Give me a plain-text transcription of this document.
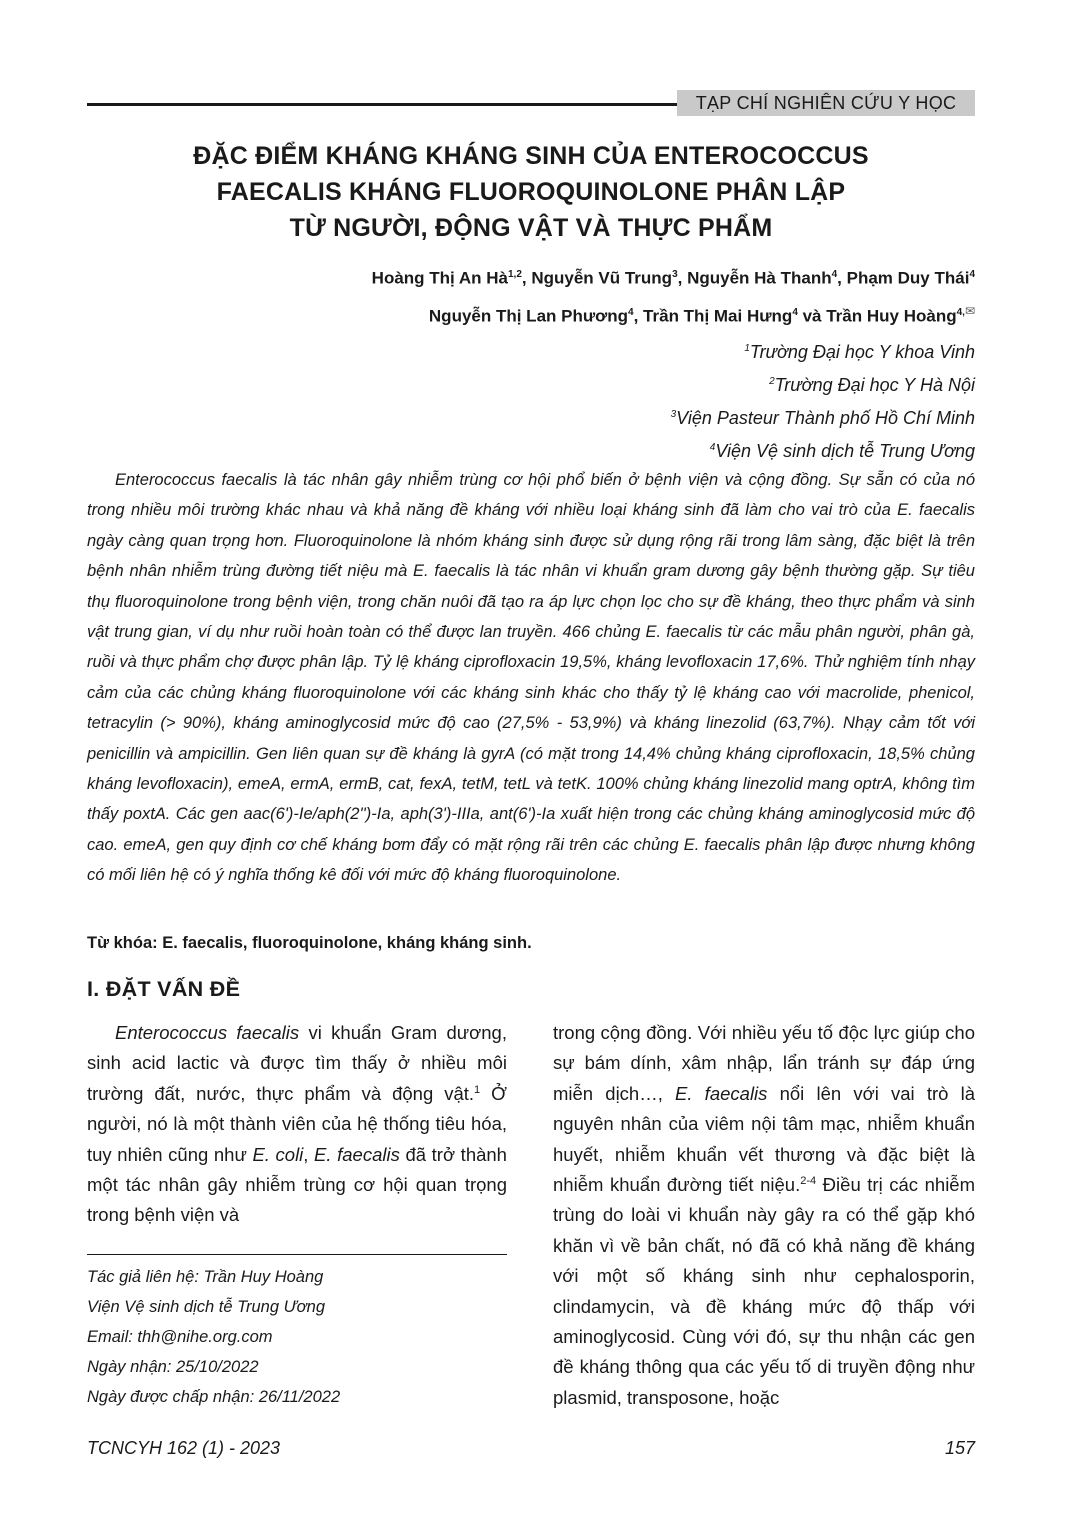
TẠP CHÍ NGHIÊN CỨU Y HỌC
ĐẶC ĐIỂM KHÁNG KHÁNG SINH CỦA ENTEROCOCCUS
FAECALIS KHÁNG FLUOROQUINOLONE PHÂN LẬP
TỪ NGƯỜI, ĐỘNG VẬT VÀ THỰC PHẨM
Hoàng Thị An Hà$^{1,2}$, Nguyễn Vũ Trung$^3$, Nguyễn Hà Thanh$^4$, Phạm Duy Thái$^4$
Nguyễn Thị Lan Phương$^4$, Trần Thị Mai Hưng$^4$ và Trần Huy Hoàng$^{4,✉}$
$^1$Trường Đại học Y khoa Vinh
$^2$Trường Đại học Y Hà Nội
$^3$Viện Pasteur Thành phố Hồ Chí Minh
$^4$Viện Vệ sinh dịch tễ Trung Ương
Enterococcus faecalis là tác nhân gây nhiễm trùng cơ hội phổ biến ở bệnh viện và cộng đồng. Sự sẵn có của nó trong nhiều môi trường khác nhau và khả năng đề kháng với nhiều loại kháng sinh đã làm cho vai trò của E. faecalis ngày càng quan trọng hơn. Fluoroquinolone là nhóm kháng sinh được sử dụng rộng rãi trong lâm sàng, đặc biệt là trên bệnh nhân nhiễm trùng đường tiết niệu mà E. faecalis là tác nhân vi khuẩn gram dương gây bệnh thường gặp. Sự tiêu thụ fluoroquinolone trong bệnh viện, trong chăn nuôi đã tạo ra áp lực chọn lọc cho sự đề kháng, theo thực phẩm và sinh vật trung gian, ví dụ như ruồi hoàn toàn có thể được lan truyền. 466 chủng E. faecalis từ các mẫu phân người, phân gà, ruồi và thực phẩm chợ được phân lập. Tỷ lệ kháng ciprofloxacin 19,5%, kháng levofloxacin 17,6%. Thử nghiệm tính nhạy cảm của các chủng kháng fluoroquinolone với các kháng sinh khác cho thấy tỷ lệ kháng cao với macrolide, phenicol, tetracylin (> 90%), kháng aminoglycosid mức độ cao (27,5% - 53,9%) và kháng linezolid (63,7%). Nhạy cảm tốt với penicillin và ampicillin. Gen liên quan sự đề kháng là gyrA (có mặt trong 14,4% chủng kháng ciprofloxacin, 18,5% chủng kháng levofloxacin), emeA, ermA, ermB, cat, fexA, tetM, tetL và tetK. 100% chủng kháng linezolid mang optrA, không tìm thấy poxtA. Các gen aac(6')-Ie/aph(2'')-Ia, aph(3')-IIIa, ant(6')-Ia xuất hiện trong các chủng kháng aminoglycosid mức độ cao. emeA, gen quy định cơ chế kháng bơm đẩy có mặt rộng rãi trên các chủng E. faecalis phân lập được nhưng không có mối liên hệ có ý nghĩa thống kê đối với mức độ kháng fluoroquinolone.
Từ khóa: E. faecalis, fluoroquinolone, kháng kháng sinh.
I. ĐẶT VẤN ĐỀ
Enterococcus faecalis vi khuẩn Gram dương, sinh acid lactic và được tìm thấy ở nhiều môi trường đất, nước, thực phẩm và động vật.$^1$ Ở người, nó là một thành viên của hệ thống tiêu hóa, tuy nhiên cũng như E. coli, E. faecalis đã trở thành một tác nhân gây nhiễm trùng cơ hội quan trọng trong bệnh viện và
trong cộng đồng. Với nhiều yếu tố độc lực giúp cho sự bám dính, xâm nhập, lẩn tránh sự đáp ứng miễn dịch…, E. faecalis nổi lên với vai trò là nguyên nhân của viêm nội tâm mạc, nhiễm khuẩn huyết, nhiễm khuẩn vết thương và đặc biệt là nhiễm khuẩn đường tiết niệu.$^{2-4}$ Điều trị các nhiễm trùng do loài vi khuẩn này gây ra có thể gặp khó khăn vì về bản chất, nó đã có khả năng đề kháng với một số kháng sinh như cephalosporin, clindamycin, và đề kháng mức độ thấp với aminoglycosid. Cùng với đó, sự thu nhận các gen đề kháng thông qua các yếu tố di truyền động như plasmid, transposone, hoặc
Tác giả liên hệ: Trần Huy Hoàng
Viện Vệ sinh dịch tễ Trung Ương
Email: thh@nihe.org.com
Ngày nhận: 25/10/2022
Ngày được chấp nhận: 26/11/2022
TCNCYH 162 (1) - 2023	157
